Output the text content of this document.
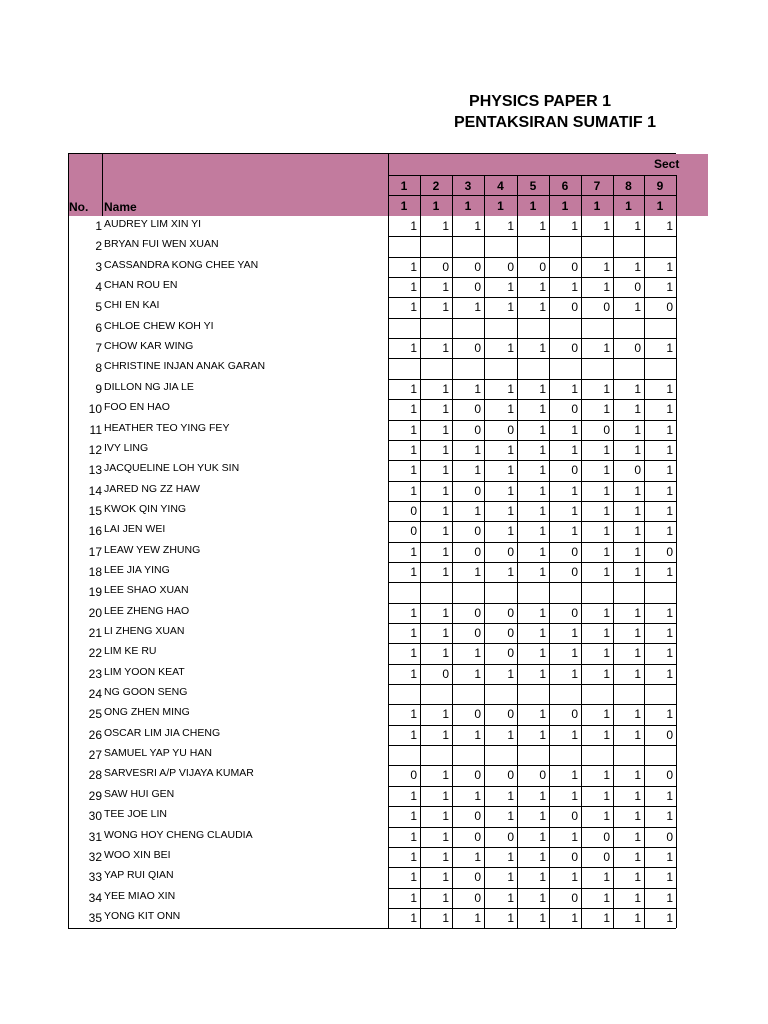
PHYSICS PAPER 1
PENTAKSIRAN SUMATIF 1
No. Name
Sect
1	2	3	4	5	6	7	8	9
1	1	1	1	1	1	1	1	1
1 AUDREY LIM XIN YI	1	1	1	1	1	1	1	1	1
2 BRYAN FUI WEN XUAN
3 CASSANDRA KONG CHEE YAN	1	0	0	0	0	0	1	1	1
4 CHAN ROU EN	1	1	0	1	1	1	1	0	1
5 CHI EN KAI	1	1	1	1	1	0	0	1	0
6 CHLOE CHEW KOH YI
7 CHOW KAR WING	1	1	0	1	1	0	1	0	1
8 CHRISTINE INJAN ANAK GARAN
9 DILLON NG JIA LE	1	1	1	1	1	1	1	1	1
10 FOO EN HAO	1	1	0	1	1	0	1	1	1
11 HEATHER TEO YING FEY	1	1	0	0	1	1	0	1	1
12 IVY LING	1	1	1	1	1	1	1	1	1
13 JACQUELINE LOH YUK SIN	1	1	1	1	1	0	1	0	1
14 JARED NG ZZ HAW	1	1	0	1	1	1	1	1	1
15 KWOK QIN YING	0	1	1	1	1	1	1	1	1
16 LAI JEN WEI	0	1	0	1	1	1	1	1	1
17 LEAW YEW ZHUNG	1	1	0	0	1	0	1	1	0
18 LEE JIA YING	1	1	1	1	1	0	1	1	1
19 LEE SHAO XUAN
20 LEE ZHENG HAO	1	1	0	0	1	0	1	1	1
21 LI ZHENG XUAN	1	1	0	0	1	1	1	1	1
22 LIM KE RU	1	1	1	0	1	1	1	1	1
23 LIM YOON KEAT	1	0	1	1	1	1	1	1	1
24 NG GOON SENG
25 ONG ZHEN MING	1	1	0	0	1	0	1	1	1
26 OSCAR LIM JIA CHENG	1	1	1	1	1	1	1	1	0
27 SAMUEL YAP YU HAN
28 SARVESRI A/P VIJAYA KUMAR	0	1	0	0	0	1	1	1	0
29 SAW HUI GEN	1	1	1	1	1	1	1	1	1
30 TEE JOE LIN	1	1	0	1	1	0	1	1	1
31 WONG HOY CHENG CLAUDIA	1	1	0	0	1	1	0	1	0
32 WOO XIN BEI	1	1	1	1	1	0	0	1	1
33 YAP RUI QIAN	1	1	0	1	1	1	1	1	1
34 YEE MIAO XIN	1	1	0	1	1	0	1	1	1
35 YONG KIT ONN	1	1	1	1	1	1	1	1	1
